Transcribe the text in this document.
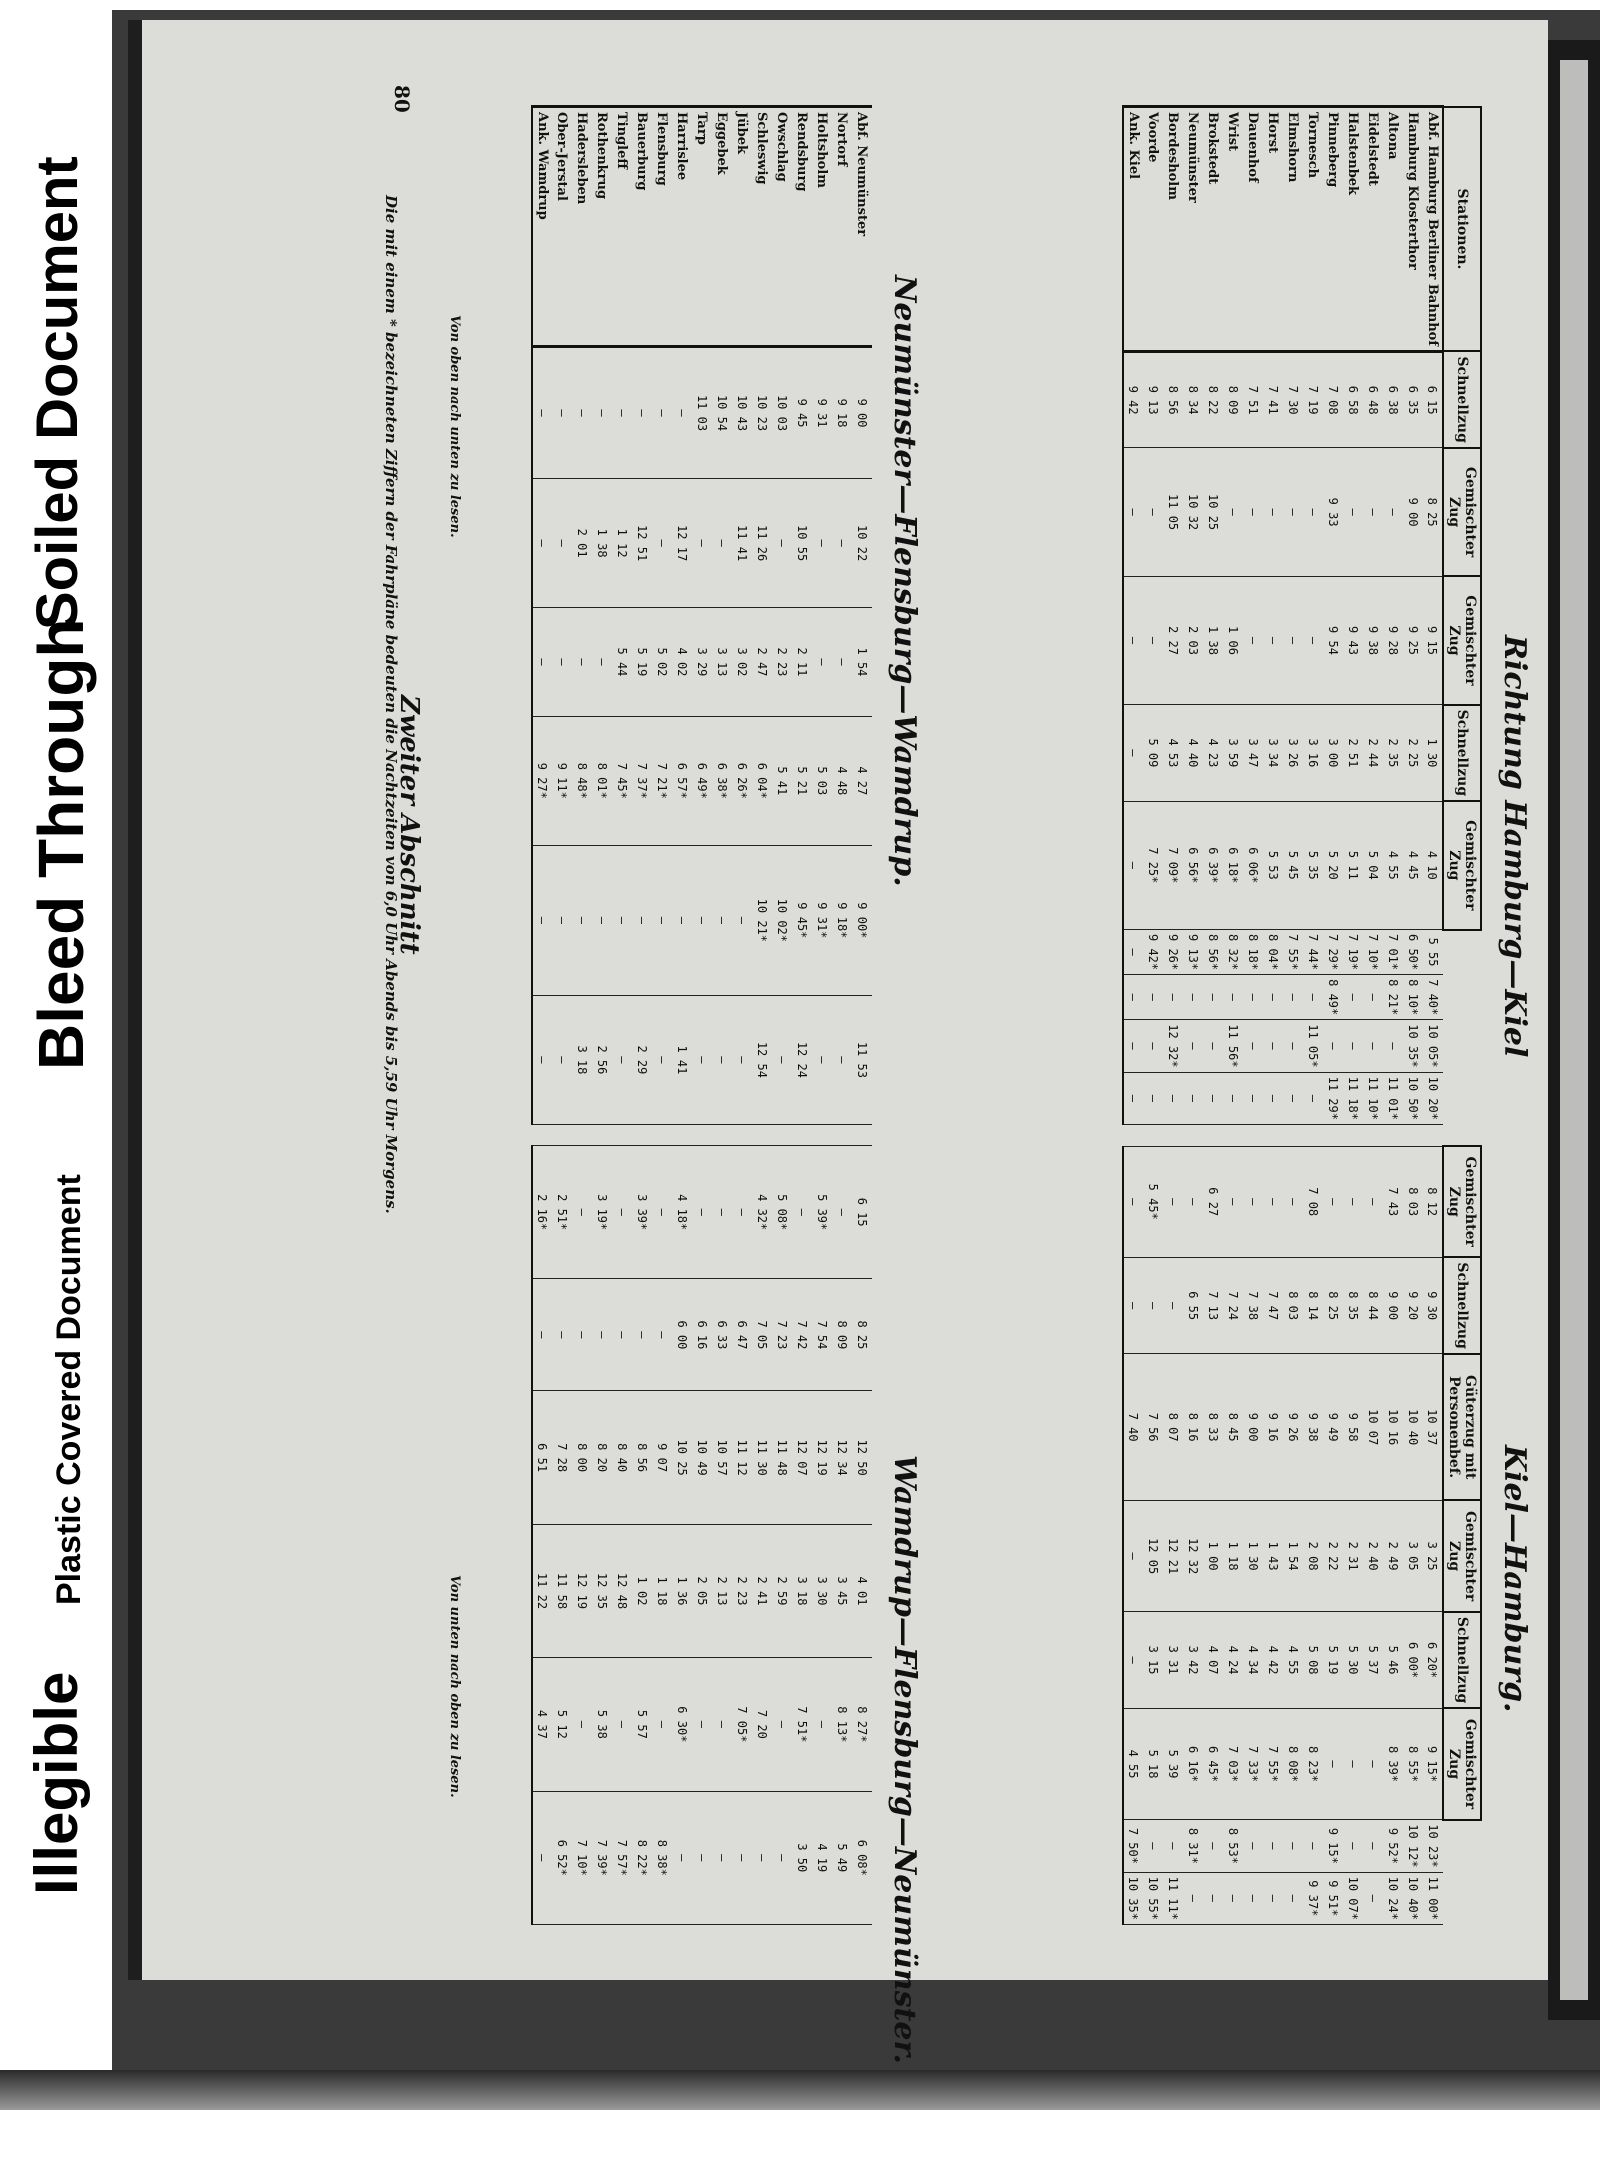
Illegible
Plastic Covered Document
Bleed Through
Soiled Document
80
Zweiter Abschnitt	Richtung Hamburg—Kiel
Kiel—Hamburg.
Neumünster—Flensburg—Wamdrup.
Wamdrup—Flensburg—Neumünster.
Stationen.	Schnellzug	Gemischter Zug	Gemischter Zug	Schnellzug	Gemischter Zug				
Abf. Hamburg Berliner Bahnhof	6 15	8 25	9 15	1 30	4 10	5 55	7 40*	10 05*	10 20*
Hamburg Klosterthor	6 35	9 00	9 25	2 25	4 45	6 50*	8 10*	10 35*	10 50*
Altona	6 38	—	9 28	2 35	4 55	7 01*	8 21*	—	11 01*
Eidelstedt	6 48	—	9 38	2 44	5 04	7 10*	—	—	11 10*
Halstenbek	6 58	—	9 43	2 51	5 11	7 19*	—	—	11 18*
Pinneberg	7 08	9 33	9 54	3 00	5 20	7 29*	8 49*	—	11 29*
Tornesch	7 19	—	—	3 16	5 35	7 44*	—	11 05*	—
Elmshorn	7 30	—	—	3 26	5 45	7 55*	—	—	—
Horst	7 41	—	—	3 34	5 53	8 04*	—	—	—
Dauenhof	7 51	—	—	3 47	6 06*	8 18*	—	—	—
Wrist	8 09	—	1 06	3 59	6 18*	8 32*	—	11 56*	—
Brokstedt	8 22	10 25	1 38	4 23	6 39*	8 56*	—	—	—
Neumünster	8 34	10 32	2 03	4 40	6 56*	9 13*	—	—	—
Bordesholm	8 56	11 05	2 27	4 53	7 09*	9 26*	—	12 32*	—
Voorde	9 13	—	—	5 09	7 25*	9 42*	—	—	—
Ank. Kiel	9 42	—	—	—	—	—	—	—	—
Gemischter Zug	Schnellzug	Güterzug mit Personenbef.	Gemischter Zug	Schnellzug	Gemischter Zug		
8 12	9 30	10 37	3 25	6 20*	9 15*	10 23*	11 00*
8 03	9 20	10 40	3 05	6 00*	8 55*	10 12*	10 40*
7 43	9 00	10 16	2 49	5 46	8 39*	9 52*	10 24*
—	8 44	10 07	2 40	5 37	—	—	—
—	8 35	9 58	2 31	5 30	—	—	10 07*
—	8 25	9 49	2 22	5 19	—	9 15*	9 51*
7 08	8 14	9 38	2 08	5 08	8 23*	—	9 37*
—	8 03	9 26	1 54	4 55	8 08*	—	—
—	7 47	9 16	1 43	4 42	7 55*	—	—
—	7 38	9 00	1 30	4 34	7 33*	—	—
—	7 24	8 45	1 18	4 24	7 03*	8 53*	—
6 27	7 13	8 33	1 00	4 07	6 45*	—	—
—	6 55	8 16	12 32	3 42	6 16*	8 31*	—
—	—	8 07	12 21	3 31	5 39	—	11 11*
5 45*	—	7 56	12 05	3 15	5 18	—	10 55*
—	—	7 40	—	—	4 55	7 50*	10 35*
Abf. Neumünster	9 00	10 22	1 54	4 27	9 00*	11 53
Nortorf	9 18	—	—	4 48	9 18*	—
Holtsholm	9 31	—	—	5 03	9 31*	—
Rendsburg	9 45	10 55	2 11	5 21	9 45*	12 24
Owschlag	10 03	—	2 23	5 41	10 02*	—
Schleswig	10 23	11 26	2 47	6 04*	10 21*	12 54
Jübek	10 43	11 41	3 02	6 26*	—	—
Eggebek	10 54	—	3 13	6 38*	—	—
Tarp	11 03	—	3 29	6 49*	—	—
Harrislee	—	12 17	4 02	6 57*	—	1 41
Flensburg	—	—	5 02	7 21*	—	—
Bauerburg	—	12 51	5 19	7 37*	—	2 29
Tingleff	—	1 12	5 44	7 45*	—	—
Rothenkrug	—	1 38	—	8 01*	—	2 56
Hadersleben	—	2 01	—	8 48*	—	3 18
Ober-Jerstal	—	—	—	9 11*	—	—
Ank. Wamdrup	—	—	—	9 27*	—	—
6 15	8 25	12 50	4 01	8 27*	6 08*
—	8 09	12 34	3 45	8 13*	5 49
5 39*	7 54	12 19	3 30	—	4 19
—	7 42	12 07	3 18	7 51*	3 50
5 08*	7 23	11 48	2 59	—	—
4 32*	7 05	11 30	2 41	7 20	—
—	6 47	11 12	2 23	7 05*	—
—	6 33	10 57	2 13	—	—
—	6 16	10 49	2 05	—	—
4 18*	6 00	10 25	1 36	6 30*	—
—	—	9 07	1 18	—	8 38*
3 39*	—	8 56	1 02	5 57	8 22*
—	—	8 40	12 48	—	7 57*
3 19*	—	8 20	12 35	5 38	7 39*
—	—	8 00	12 19	—	7 10*
2 51*	—	7 28	11 58	5 12	6 52*
2 16*	—	6 51	11 22	4 37	—
Von oben nach unten zu lesen.
Von unten nach oben zu lesen.
Die mit einem * bezeichneten Ziffern der Fahrpläne bedeuten die Nachtzeiten von 6,0 Uhr Abends bis 5,59 Uhr Morgens.
